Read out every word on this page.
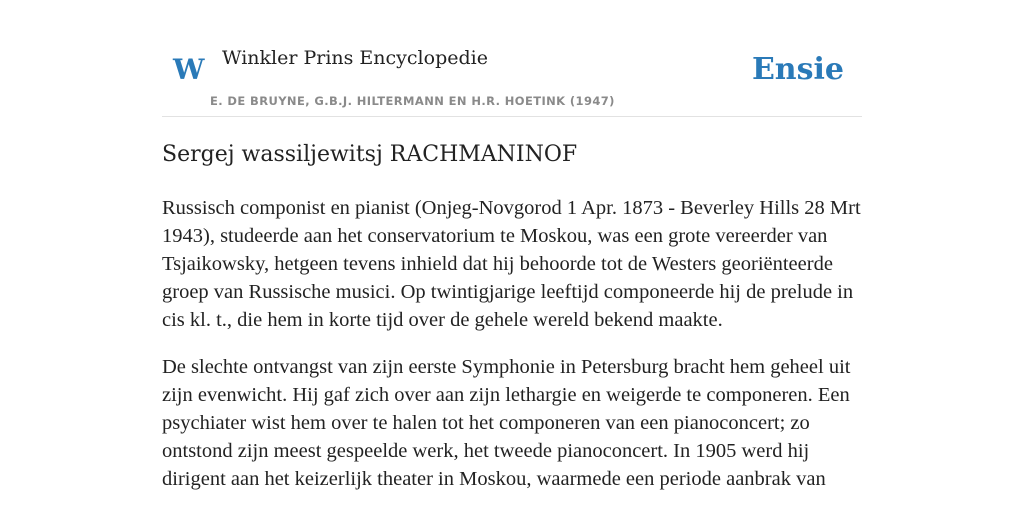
W Winkler Prins Encyclopedie
E. DE BRUYNE, G.B.J. HILTERMANN EN H.R. HOETINK (1947)
Ensie
Sergej wassiljewitsj RACHMANINOF

Russisch componist en pianist (Onjeg-Novgorod 1 Apr. 1873 - Beverley Hills 28 Mrt 1943), studeerde aan het conservatorium te Moskou, was een grote vereerder van Tsjaikowsky, hetgeen tevens inhield dat hij behoorde tot de Westers georiënteerde groep van Russische musici. Op twintigjarige leeftijd componeerde hij de prelude in cis kl. t., die hem in korte tijd over de gehele wereld bekend maakte.

De slechte ontvangst van zijn eerste Symphonie in Petersburg bracht hem geheel uit zijn evenwicht. Hij gaf zich over aan zijn lethargie en weigerde te componeren. Een psychiater wist hem over te halen tot het componeren van een pianoconcert; zo ontstond zijn meest gespeelde werk, het tweede pianoconcert. In 1905 werd hij dirigent aan het keizerlijk theater in Moskou, waarmede een periode aanbrak van
